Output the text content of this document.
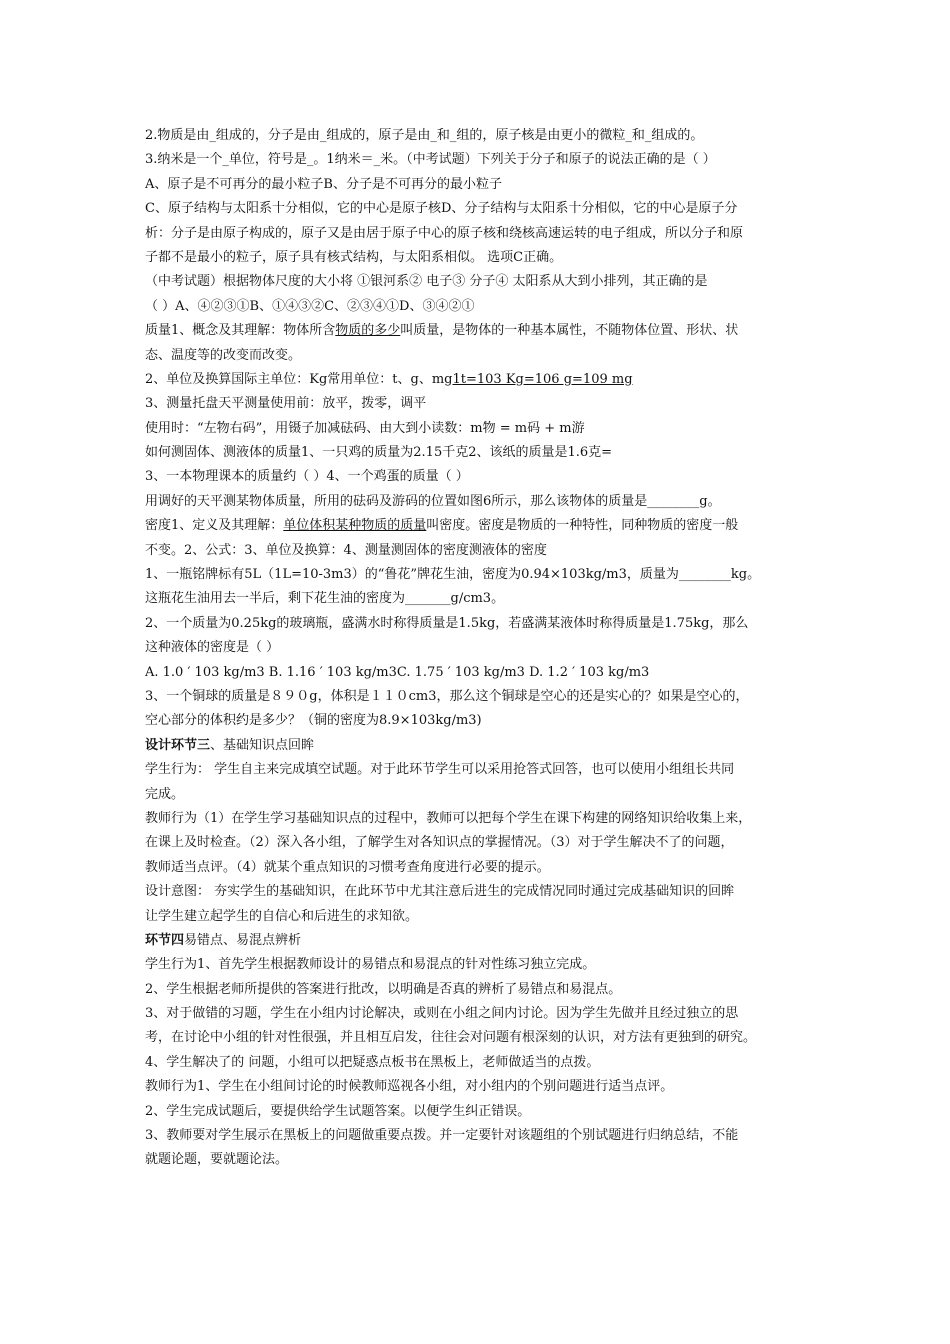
2.物质是由_组成的，分子是由_组成的，原子是由_和_组的，原子核是由更小的微粒_和_组成的。
3.纳米是一个_单位，符号是_。1纳米＝_米。（中考试题）下列关于分子和原子的说法正确的是（ ）
A、原子是不可再分的最小粒子B、分子是不可再分的最小粒子
C、原子结构与太阳系十分相似，它的中心是原子核D、分子结构与太阳系十分相似，它的中心是原子分
析：分子是由原子构成的，原子又是由居于原子中心的原子核和绕核高速运转的电子组成，所以分子和原
子都不是最小的粒子，原子具有核式结构，与太阳系相似。 选项C正确。
（中考试题）根据物体尺度的大小将 ①银河系② 电子③ 分子④ 太阳系从大到小排列，其正确的是
（ ）A、④②③①B、①④③②C、②③④①D、③④②①
质量1、概念及其理解：物体所含物质的多少叫质量，是物体的一种基本属性，不随物体位置、形状、状
态、温度等的改变而改变。
2、单位及换算国际主单位：Kg常用单位：t、g、mg1t=103 Kg=106 g=109 mg
3、测量托盘天平测量使用前：放平，拨零，调平
使用时：“左物右码”，用镊子加减砝码、由大到小读数：m物 = m码 + m游
如何测固体、测液体的质量1、一只鸡的质量为2.15千克2、该纸的质量是1.6克=
3、一本物理课本的质量约（ ）4、一个鸡蛋的质量（ ）
用调好的天平测某物体质量，所用的砝码及游码的位置如图6所示，那么该物体的质量是________g。
密度1、定义及其理解：单位体积某种物质的质量叫密度。密度是物质的一种特性，同种物质的密度一般
不变。2、公式：3、单位及换算：4、测量测固体的密度测液体的密度
1、一瓶铭牌标有5L（1L=10-3m3）的“鲁花”牌花生油，密度为0.94×103kg/m3，质量为________kg。
这瓶花生油用去一半后，剩下花生油的密度为_______g/cm3。
2、一个质量为0.25kg的玻璃瓶，盛满水时称得质量是1.5kg，若盛满某液体时称得质量是1.75kg，那么
这种液体的密度是（ ）
A. 1.0 ′ 103 kg/m3 B. 1.16 ′ 103 kg/m3C. 1.75 ′ 103 kg/m3 D. 1.2 ′ 103 kg/m3
3、一个铜球的质量是８９０g，体积是１１０cm3，那么这个铜球是空心的还是实心的？如果是空心的，
空心部分的体积约是多少？（铜的密度为8.9×103kg/m3)
设计环节三、基础知识点回眸
学生行为： 学生自主来完成填空试题。对于此环节学生可以采用抢答式回答，也可以使用小组组长共同
完成。
教师行为（1）在学生学习基础知识点的过程中，教师可以把每个学生在课下构建的网络知识给收集上来，
在课上及时检查。（2）深入各小组，了解学生对各知识点的掌握情况。（3）对于学生解决不了的问题，
教师适当点评。（4）就某个重点知识的习惯考查角度进行必要的提示。
设计意图： 夯实学生的基础知识，在此环节中尤其注意后进生的完成情况同时通过完成基础知识的回眸
让学生建立起学生的自信心和后进生的求知欲。
环节四易错点、易混点辨析
学生行为1、首先学生根据教师设计的易错点和易混点的针对性练习独立完成。
2、学生根据老师所提供的答案进行批改，以明确是否真的辨析了易错点和易混点。
3、对于做错的习题，学生在小组内讨论解决，或则在小组之间内讨论。因为学生先做并且经过独立的思
考，在讨论中小组的针对性很强，并且相互启发，往往会对问题有根深刻的认识，对方法有更独到的研究。
4、学生解决了的 问题，小组可以把疑惑点板书在黑板上，老师做适当的点拨。
教师行为1、学生在小组间讨论的时候教师巡视各小组，对小组内的个别问题进行适当点评。
2、学生完成试题后，要提供给学生试题答案。以便学生纠正错误。
3、教师要对学生展示在黑板上的问题做重要点拨。并一定要针对该题组的个别试题进行归纳总结，不能
就题论题，要就题论法。
